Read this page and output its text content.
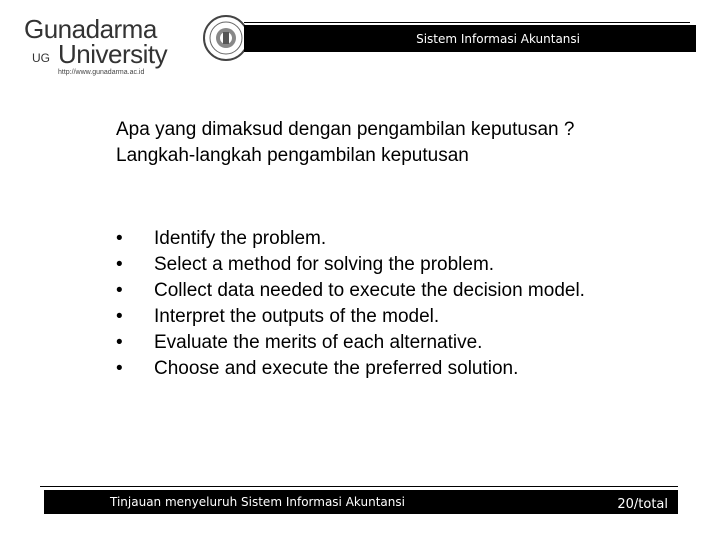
Gunadarma
UG University
http://www.gunadarma.ac.id
Sistem Informasi Akuntansi
Apa yang dimaksud dengan pengambilan keputusan ?
Langkah-langkah pengambilan keputusan
• Identify the problem.
• Select a method for solving the problem.
• Collect data needed to execute the decision model.
• Interpret the outputs of the model.
• Evaluate the merits of each alternative.
• Choose and execute the preferred solution.
Tinjauan menyeluruh Sistem Informasi Akuntansi	20/total
